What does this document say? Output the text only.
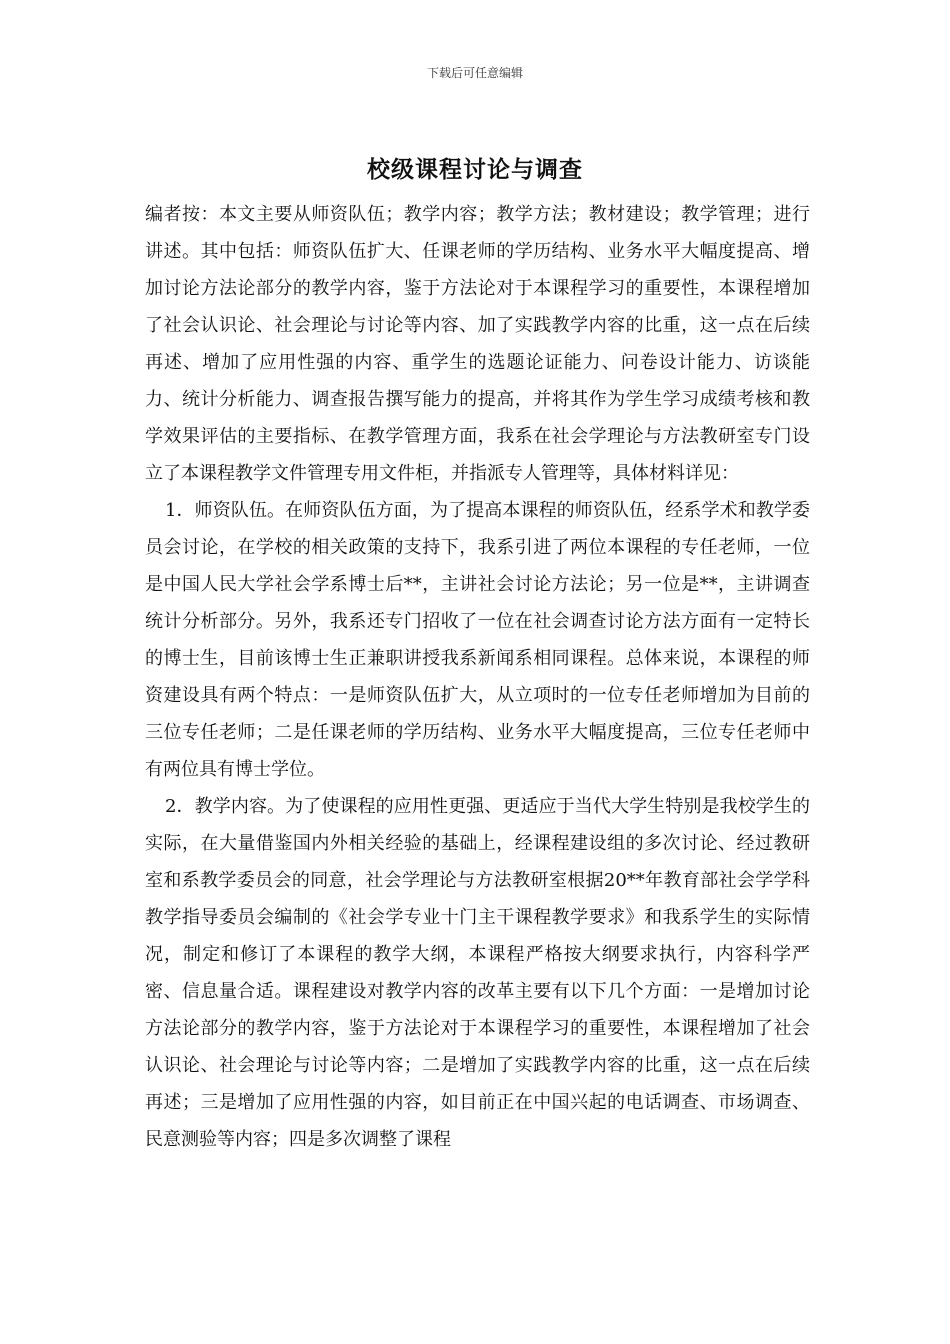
下载后可任意编辑
校级课程讨论与调查

编者按：本文主要从师资队伍；教学内容；教学方法；教材建设；教学管理；进行讲述。其中包括：师资队伍扩大、任课老师的学历结构、业务水平大幅度提高、增加讨论方法论部分的教学内容，鉴于方法论对于本课程学习的重要性，本课程增加了社会认识论、社会理论与讨论等内容、加了实践教学内容的比重，这一点在后续再述、增加了应用性强的内容、重学生的选题论证能力、问卷设计能力、访谈能力、统计分析能力、调查报告撰写能力的提高，并将其作为学生学习成绩考核和教学效果评估的主要指标、在教学管理方面，我系在社会学理论与方法教研室专门设立了本课程教学文件管理专用文件柜，并指派专人管理等，具体材料详见：

1．师资队伍。在师资队伍方面，为了提高本课程的师资队伍，经系学术和教学委员会讨论，在学校的相关政策的支持下，我系引进了两位本课程的专任老师，一位是中国人民大学社会学系博士后**，主讲社会讨论方法论；另一位是**，主讲调查统计分析部分。另外，我系还专门招收了一位在社会调查讨论方法方面有一定特长的博士生，目前该博士生正兼职讲授我系新闻系相同课程。总体来说，本课程的师资建设具有两个特点：一是师资队伍扩大，从立项时的一位专任老师增加为目前的三位专任老师；二是任课老师的学历结构、业务水平大幅度提高，三位专任老师中有两位具有博士学位。

2．教学内容。为了使课程的应用性更强、更适应于当代大学生特别是我校学生的实际，在大量借鉴国内外相关经验的基础上，经课程建设组的多次讨论、经过教研室和系教学委员会的同意，社会学理论与方法教研室根据20**年教育部社会学学科教学指导委员会编制的《社会学专业十门主干课程教学要求》和我系学生的实际情况，制定和修订了本课程的教学大纲，本课程严格按大纲要求执行，内容科学严密、信息量合适。课程建设对教学内容的改革主要有以下几个方面：一是增加讨论方法论部分的教学内容，鉴于方法论对于本课程学习的重要性，本课程增加了社会认识论、社会理论与讨论等内容；二是增加了实践教学内容的比重，这一点在后续再述；三是增加了应用性强的内容，如目前正在中国兴起的电话调查、市场调查、民意测验等内容；四是多次调整了课程
